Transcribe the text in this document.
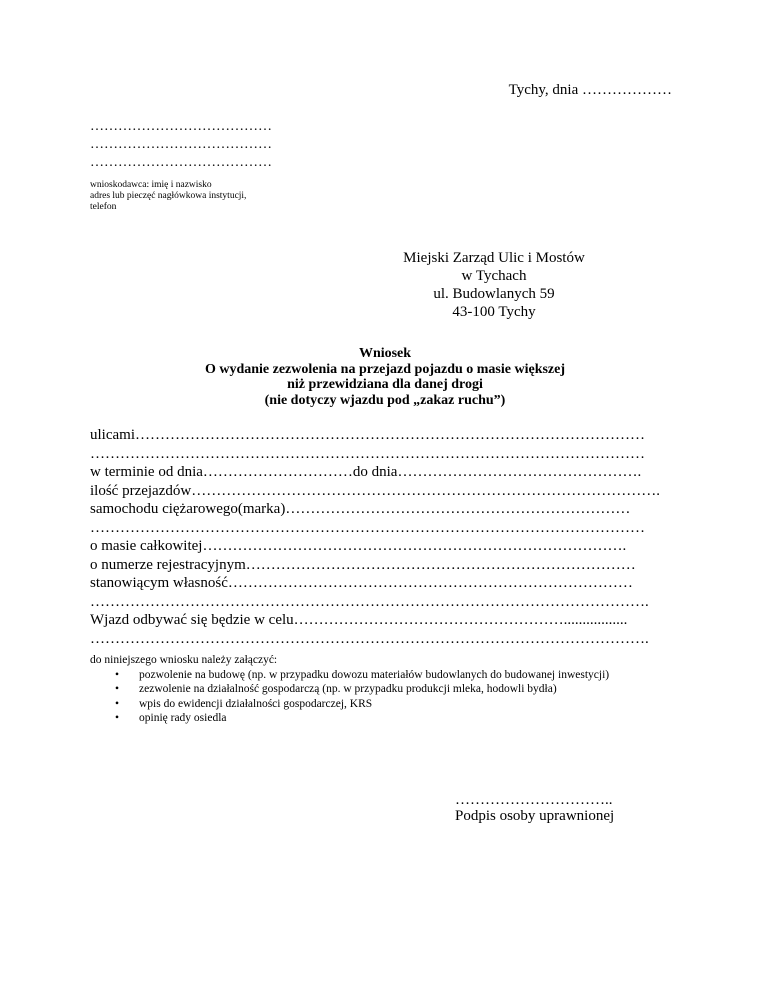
Tychy, dnia ………………
…………………………………
…………………………………
…………………………………
wnioskodawca: imię i nazwisko
adres lub pieczęć nagłówkowa instytucji,
telefon
Miejski Zarząd Ulic i Mostów
w Tychach
ul. Budowlanych 59
43-100 Tychy
Wniosek
O wydanie zezwolenia na przejazd pojazdu o masie większej
niż przewidziana dla danej drogi
(nie dotyczy wjazdu pod „zakaz ruchu”)
ulicami…………………………………………………………………………………………
…………………………………………………………………………………………………
w terminie od dnia…………………………do dnia………………………………………….
ilość przejazdów………………………………………………………………………………….
samochodu ciężarowego(marka)……………………………………………………………
…………………………………………………………………………………………………
o masie całkowitej………………………………………………………………………….
o numerze rejestracyjnym……………………………………………………………………
stanowiącym własność………………………………………………………………………
………………………………………………………………………………………………….
Wjazd odbywać się będzie w celu……………………………………………….................
………………………………………………………………………………………………….
do niniejszego wniosku należy załączyć:
• pozwolenie na budowę (np. w przypadku dowozu materiałów budowlanych do budowanej inwestycji)
• zezwolenie na działalność gospodarczą (np. w przypadku produkcji mleka, hodowli bydła)
• wpis do ewidencji działalności gospodarczej, KRS
• opinię rady osiedla
…………………………..
Podpis osoby uprawnionej
